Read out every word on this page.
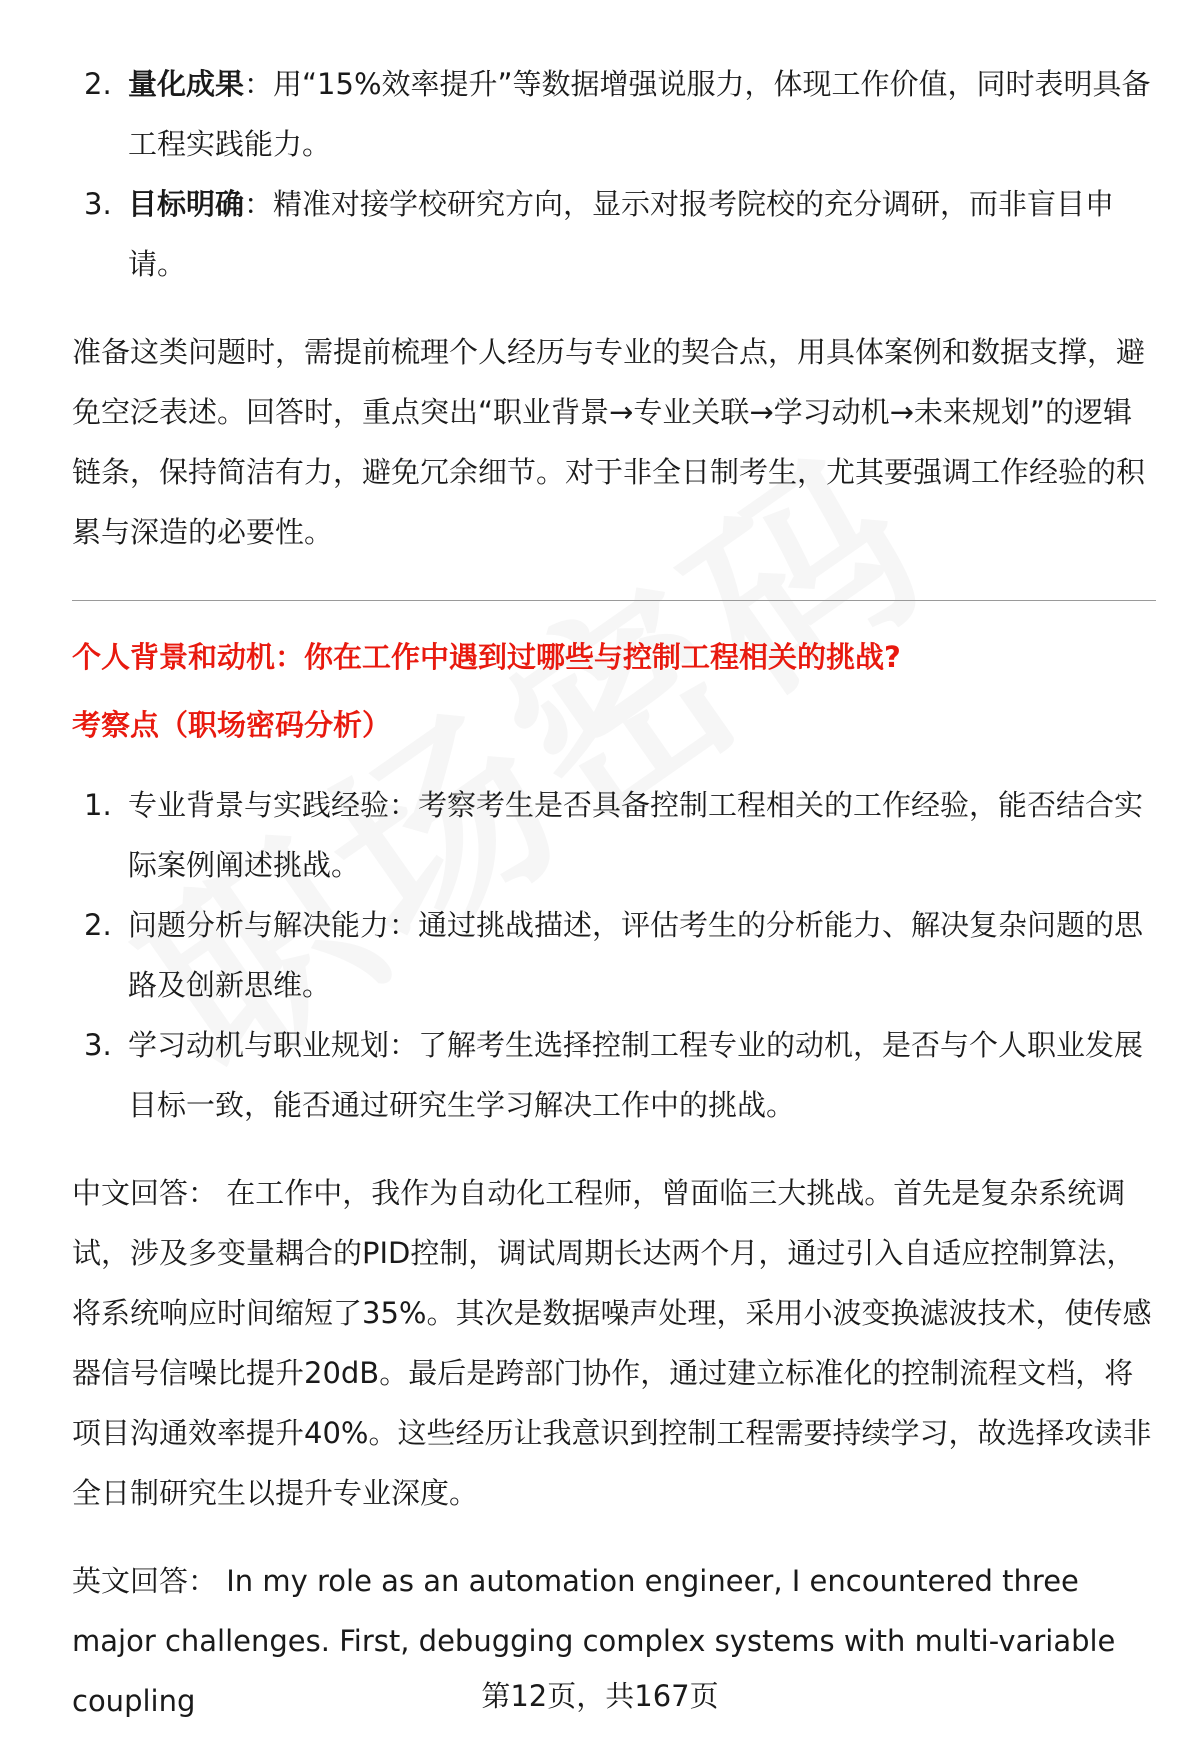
2. 量化成果：用“15%效率提升”等数据增强说服力，体现工作价值，同时表明具备工程实践能力。
3. 目标明确：精准对接学校研究方向，显示对报考院校的充分调研，而非盲目申请。

准备这类问题时，需提前梳理个人经历与专业的契合点，用具体案例和数据支撑，避免空泛表述。回答时，重点突出“职业背景→专业关联→学习动机→未来规划”的逻辑链条，保持简洁有力，避免冗余细节。对于非全日制考生，尤其要强调工作经验的积累与深造的必要性。

个人背景和动机：你在工作中遇到过哪些与控制工程相关的挑战?

考察点（职场密码分析）

1. 专业背景与实践经验：考察考生是否具备控制工程相关的工作经验，能否结合实际案例阐述挑战。
2. 问题分析与解决能力：通过挑战描述，评估考生的分析能力、解决复杂问题的思路及创新思维。
3. 学习动机与职业规划：了解考生选择控制工程专业的动机，是否与个人职业发展目标一致，能否通过研究生学习解决工作中的挑战。

中文回答： 在工作中，我作为自动化工程师，曾面临三大挑战。首先是复杂系统调试，涉及多变量耦合的PID控制，调试周期长达两个月，通过引入自适应控制算法，将系统响应时间缩短了35%。其次是数据噪声处理，采用小波变换滤波技术，使传感器信号信噪比提升20dB。最后是跨部门协作，通过建立标准化的控制流程文档，将项目沟通效率提升40%。这些经历让我意识到控制工程需要持续学习，故选择攻读非全日制研究生以提升专业深度。

英文回答： In my role as an automation engineer, I encountered three major challenges. First, debugging complex systems with multi-variable coupling	第12页，共167页
